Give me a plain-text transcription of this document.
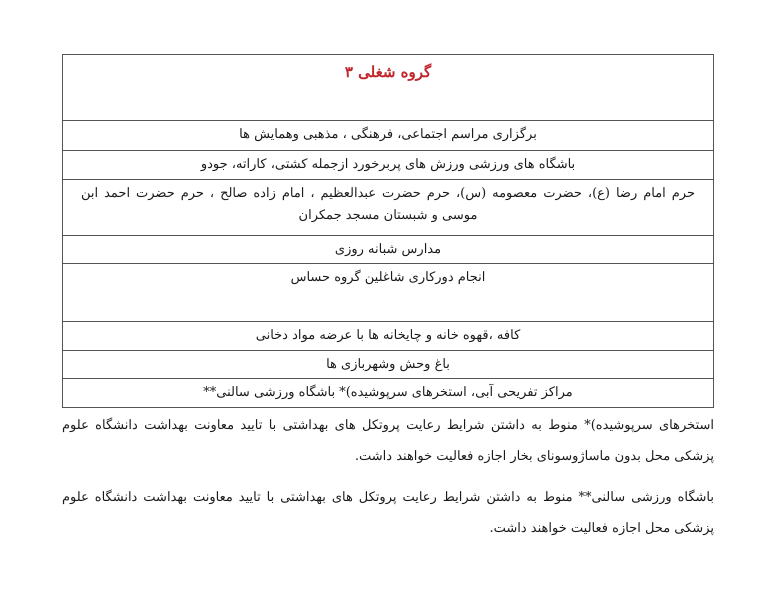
گروه شغلی ۳
برگزاری مراسم اجتماعی، فرهنگی ، مذهبی وهمایش ها
باشگاه های ورزشی ورزش های پربرخورد ازجمله کشتی، کاراته، جودو
حرم امام رضا (ع)، حضرت معصومه (س)، حرم حضرت عبدالعظیم ، امام زاده صالح ، حرم حضرت احمد ابن موسی و شبستان مسجد جمکران
مدارس شبانه روزی
انجام دورکاری شاغلین گروه حساس
کافه ،قهوه خانه و چایخانه ها با عرضه مواد دخانی
باغ وحش وشهربازی ها
مراکز تفریحی آبی، استخرهای سرپوشیده)* باشگاه ورزشی سالنی**

استخرهای سرپوشیده)* منوط به داشتن شرایط رعایت پروتکل های بهداشتی با تایید معاونت بهداشت دانشگاه علوم پزشکی محل بدون ماساژوسونای بخار اجازه فعالیت خواهند داشت.

باشگاه ورزشی سالنی** منوط به داشتن شرایط رعایت پروتکل های بهداشتی با تایید معاونت بهداشت دانشگاه علوم پزشکی محل اجازه فعالیت خواهند داشت.
